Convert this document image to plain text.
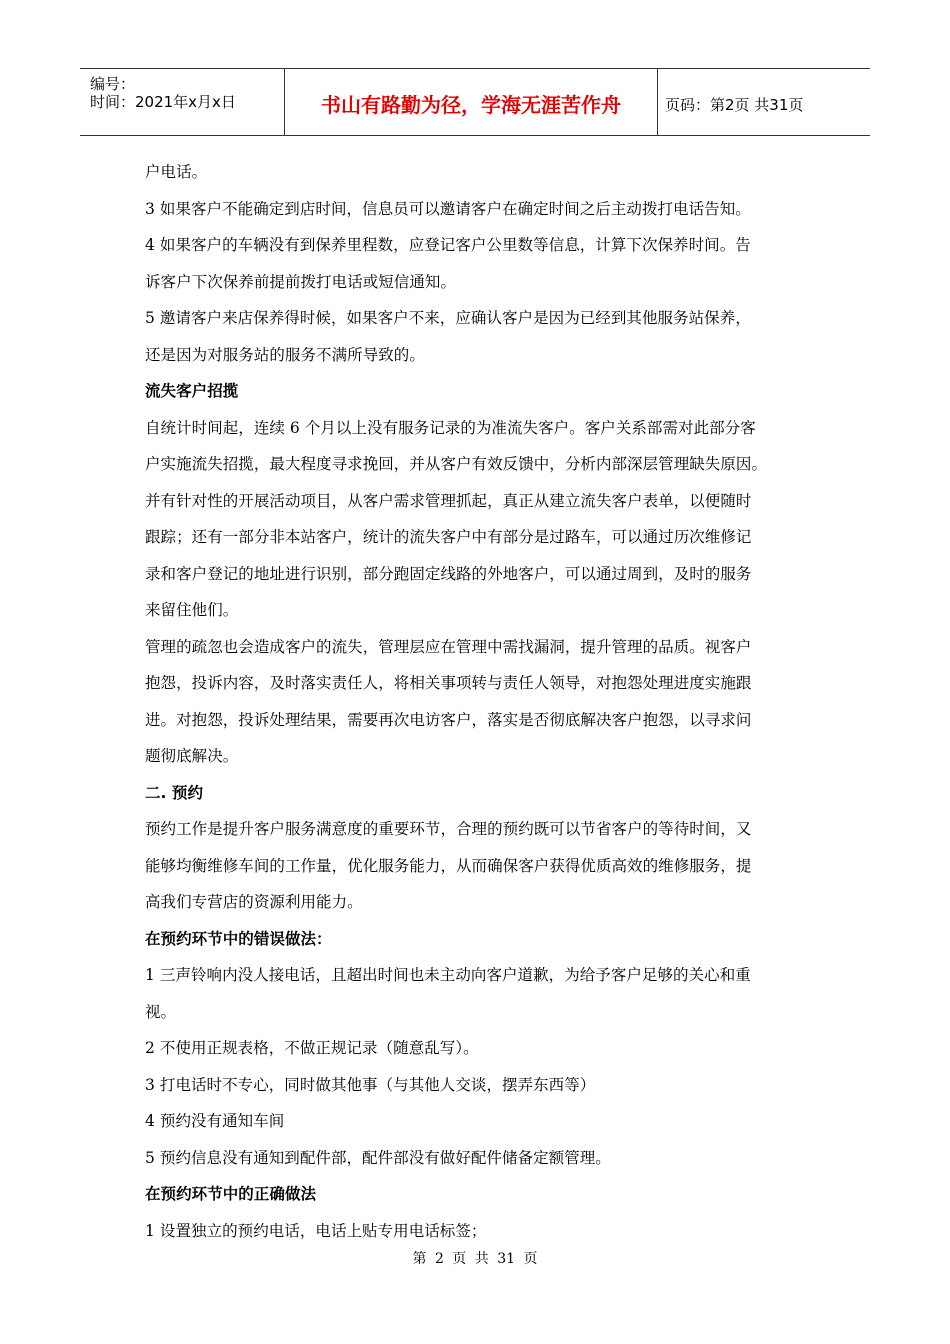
编号：
时间：2021年x月x日	书山有路勤为径，学海无涯苦作舟	页码：第2页 共31页
户电话。
3 如果客户不能确定到店时间，信息员可以邀请客户在确定时间之后主动拨打电话告知。
4 如果客户的车辆没有到保养里程数，应登记客户公里数等信息，计算下次保养时间。告
诉客户下次保养前提前拨打电话或短信通知。
5 邀请客户来店保养得时候，如果客户不来，应确认客户是因为已经到其他服务站保养，
还是因为对服务站的服务不满所导致的。
流失客户招揽
自统计时间起，连续 6 个月以上没有服务记录的为准流失客户。客户关系部需对此部分客
户实施流失招揽，最大程度寻求挽回，并从客户有效反馈中，分析内部深层管理缺失原因。
并有针对性的开展活动项目，从客户需求管理抓起，真正从建立流失客户表单，以便随时
跟踪；还有一部分非本站客户，统计的流失客户中有部分是过路车，可以通过历次维修记
录和客户登记的地址进行识别，部分跑固定线路的外地客户，可以通过周到，及时的服务
来留住他们。
管理的疏忽也会造成客户的流失，管理层应在管理中需找漏洞，提升管理的品质。视客户
抱怨，投诉内容，及时落实责任人，将相关事项转与责任人领导，对抱怨处理进度实施跟
进。对抱怨，投诉处理结果，需要再次电访客户，落实是否彻底解决客户抱怨，以寻求问
题彻底解决。
二. 预约
预约工作是提升客户服务满意度的重要环节，合理的预约既可以节省客户的等待时间，又
能够均衡维修车间的工作量，优化服务能力，从而确保客户获得优质高效的维修服务，提
高我们专营店的资源利用能力。
在预约环节中的错误做法：
1 三声铃响内没人接电话，且超出时间也未主动向客户道歉，为给予客户足够的关心和重
视。
2 不使用正规表格，不做正规记录（随意乱写）。
3 打电话时不专心，同时做其他事（与其他人交谈，摆弄东西等）
4 预约没有通知车间
5 预约信息没有通知到配件部，配件部没有做好配件储备定额管理。
在预约环节中的正确做法
1 设置独立的预约电话，电话上贴专用电话标签；
第 2 页 共 31 页
